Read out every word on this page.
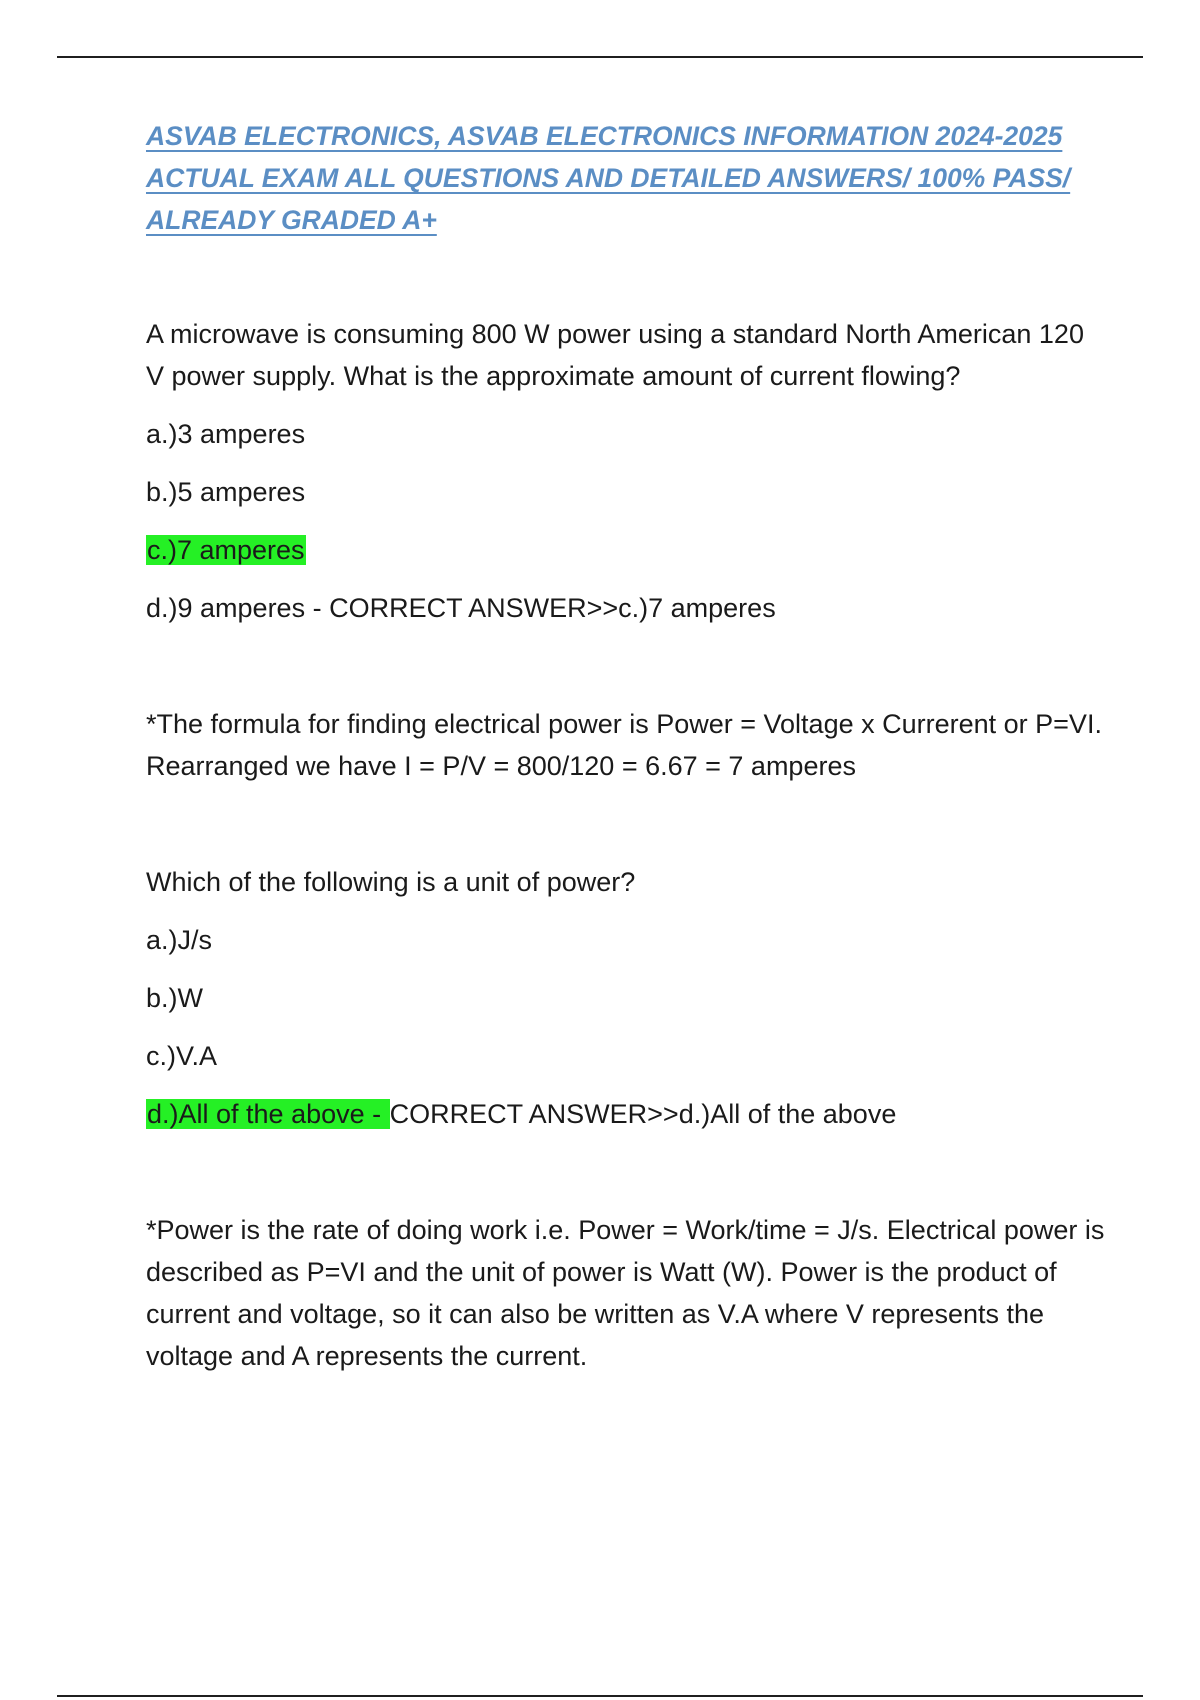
ASVAB ELECTRONICS, ASVAB ELECTRONICS INFORMATION 2024-2025 ACTUAL EXAM ALL QUESTIONS AND DETAILED ANSWERS/ 100% PASS/ ALREADY GRADED A+

A microwave is consuming 800 W power using a standard North American 120 V power supply. What is the approximate amount of current flowing?

a.)3 amperes

b.)5 amperes

c.)7 amperes

d.)9 amperes - CORRECT ANSWER>>c.)7 amperes

*The formula for finding electrical power is Power = Voltage x Currerent or P=VI. Rearranged we have I = P/V = 800/120 = 6.67 = 7 amperes

Which of the following is a unit of power?

a.)J/s

b.)W

c.)V.A

d.)All of the above - CORRECT ANSWER>>d.)All of the above

*Power is the rate of doing work i.e. Power = Work/time = J/s. Electrical power is described as P=VI and the unit of power is Watt (W). Power is the product of current and voltage, so it can also be written as V.A where V represents the voltage and A represents the current.
